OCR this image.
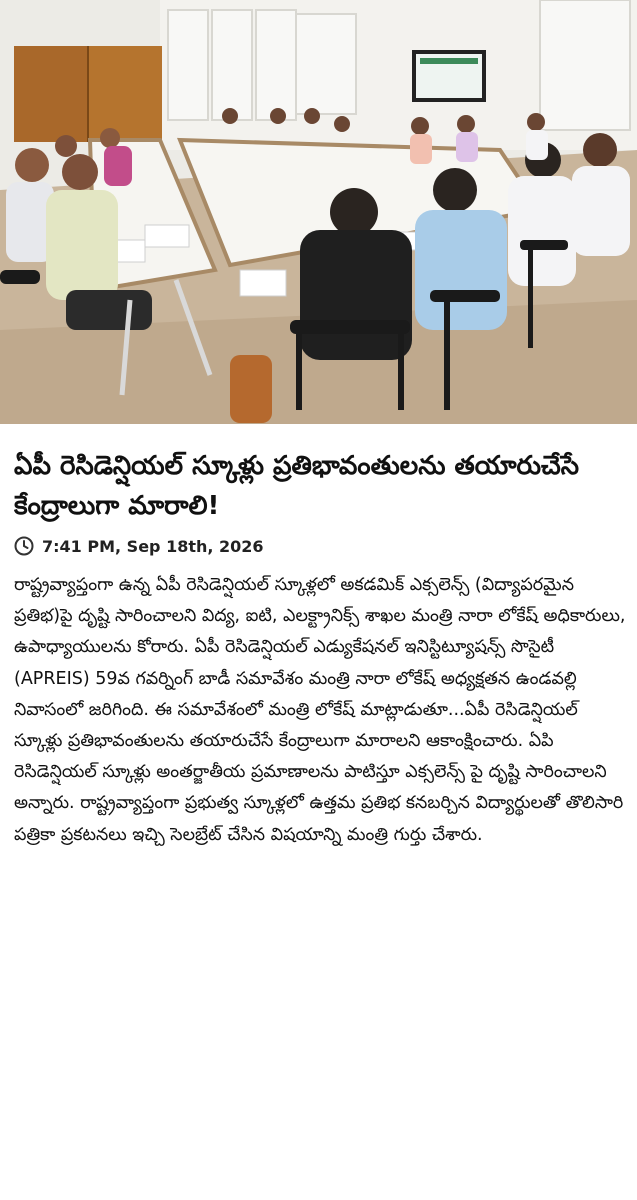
ఏపీ రెసిడెన్షియల్ స్కూళ్లు ప్రతిభావంతులను తయారుచేసే కేంద్రాలుగా మారాలి!
7:41 PM, Sep 18th, 2026
రాష్ట్రవ్యాప్తంగా ఉన్న ఏపీ రెసిడెన్షియల్ స్కూళ్లలో అకడమిక్ ఎక్సలెన్స్ (విద్యాపరమైన ప్రతిభ)పై దృష్టి సారించాలని విద్య, ఐటి, ఎలక్ట్రానిక్స్ శాఖల మంత్రి నారా లోకేష్ అధికారులు, ఉపాధ్యాయులను కోరారు. ఏపీ రెసిడెన్షియల్ ఎడ్యుకేషనల్ ఇనిస్టిట్యూషన్స్ సొసైటీ (APREIS) 59వ గవర్నింగ్ బాడీ సమావేశం మంత్రి నారా లోకేష్ అధ్యక్షతన ఉండవల్లి నివాసంలో జరిగింది. ఈ సమావేశంలో మంత్రి లోకేష్ మాట్లాడుతూ...ఏపీ రెసిడెన్షియల్ స్కూళ్లు ప్రతిభావంతులను తయారుచేసే కేంద్రాలుగా మారాలని ఆకాంక్షించారు. ఏపి రెసిడెన్షియల్ స్కూళ్లు అంతర్జాతీయ ప్రమాణాలను పాటిస్తూ ఎక్సలెన్స్ పై దృష్టి సారించాలని అన్నారు. రాష్ట్రవ్యాప్తంగా ప్రభుత్వ స్కూళ్లలో ఉత్తమ ప్రతిభ కనబర్చిన విద్యార్థులతో తొలిసారి పత్రికా ప్రకటనలు ఇచ్చి సెలబ్రేట్ చేసిన విషయాన్ని మంత్రి గుర్తు చేశారు.
